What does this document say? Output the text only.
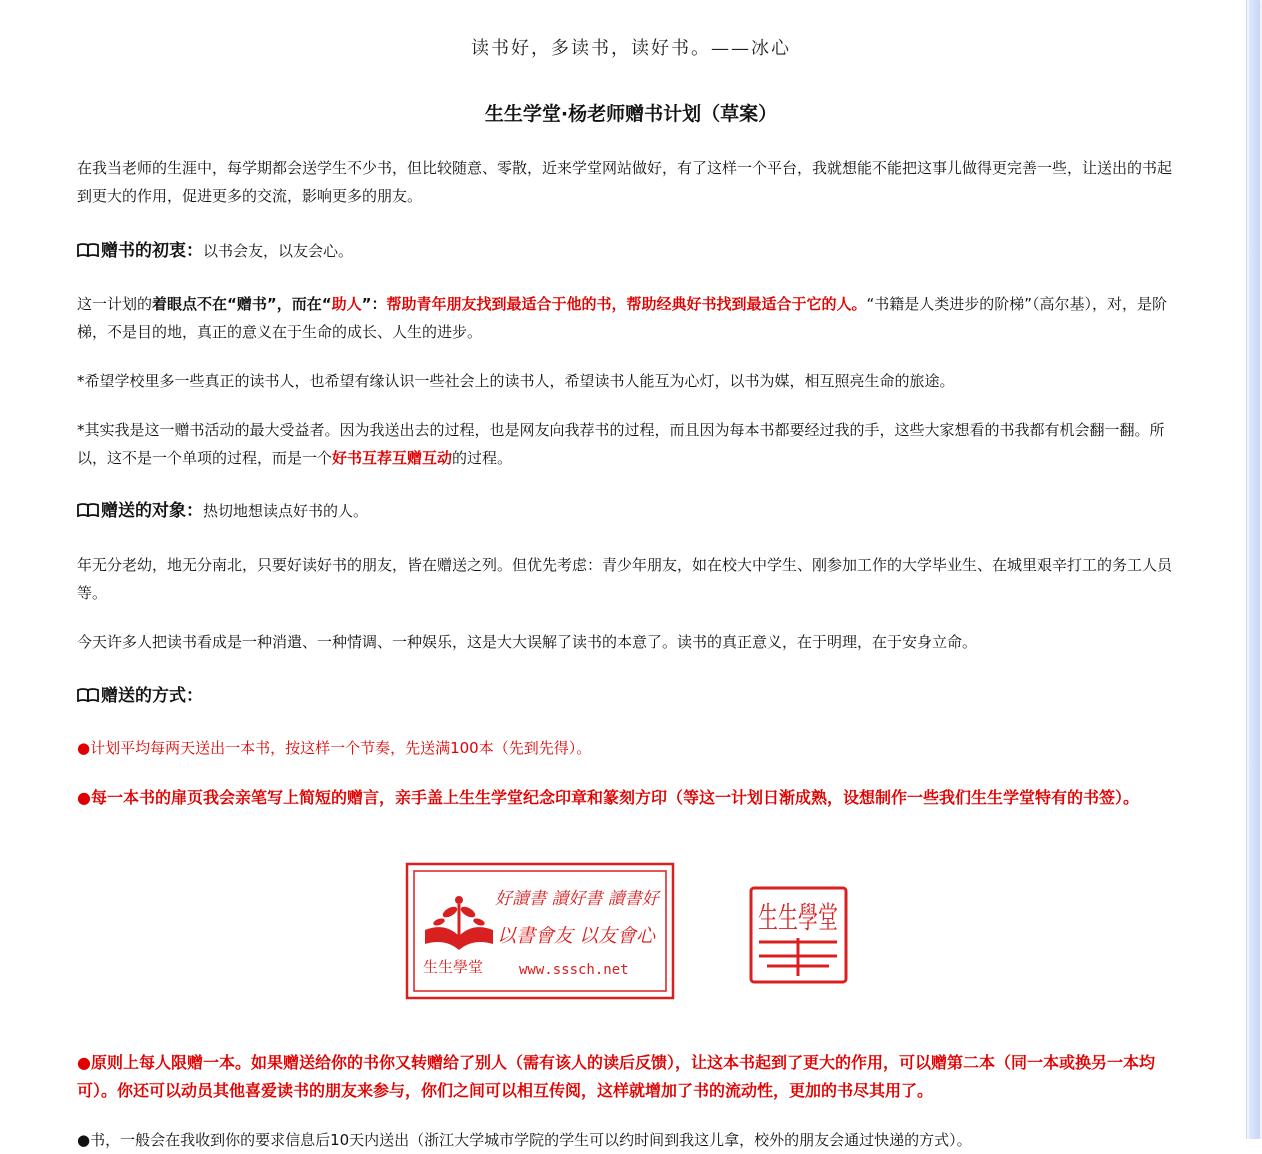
读书好，多读书，读好书。——冰心
生生学堂·杨老师赠书计划（草案）
在我当老师的生涯中，每学期都会送学生不少书，但比较随意、零散，近来学堂网站做好，有了这样一个平台，我就想能不能把这事儿做得更完善一些，让送出的书起到更大的作用，促进更多的交流，影响更多的朋友。
赠书的初衷：以书会友，以友会心。
这一计划的着眼点不在“赠书”，而在“助人”：帮助青年朋友找到最适合于他的书，帮助经典好书找到最适合于它的人。“书籍是人类进步的阶梯”（高尔基），对，是阶梯，不是目的地，真正的意义在于生命的成长、人生的进步。
*希望学校里多一些真正的读书人，也希望有缘认识一些社会上的读书人，希望读书人能互为心灯，以书为媒，相互照亮生命的旅途。
*其实我是这一赠书活动的最大受益者。因为我送出去的过程，也是网友向我荐书的过程，而且因为每本书都要经过我的手，这些大家想看的书我都有机会翻一翻。所以，这不是一个单项的过程，而是一个好书互荐互赠互动的过程。
赠送的对象：热切地想读点好书的人。
年无分老幼，地无分南北，只要好读好书的朋友，皆在赠送之列。但优先考虑：青少年朋友，如在校大中学生、刚参加工作的大学毕业生、在城里艰辛打工的务工人员等。
今天许多人把读书看成是一种消遣、一种情调、一种娱乐，这是大大误解了读书的本意了。读书的真正意义，在于明理，在于安身立命。
赠送的方式：
●计划平均每两天送出一本书，按这样一个节奏，先送满100本（先到先得）。
●每一本书的扉页我会亲笔写上简短的赠言，亲手盖上生生学堂纪念印章和篆刻方印（等这一计划日渐成熟，设想制作一些我们生生学堂特有的书签）。
好讀書 讀好書 讀書好
以書會友 以友會心
生生學堂	www.sssch.net
生生學堂
●原则上每人限赠一本。如果赠送给你的书你又转赠给了别人（需有该人的读后反馈），让这本书起到了更大的作用，可以赠第二本（同一本或换另一本均可）。你还可以动员其他喜爱读书的朋友来参与，你们之间可以相互传阅，这样就增加了书的流动性，更加的书尽其用了。
●书，一般会在我收到你的要求信息后10天内送出（浙江大学城市学院的学生可以约时间到我这儿拿，校外的朋友会通过快递的方式）。
